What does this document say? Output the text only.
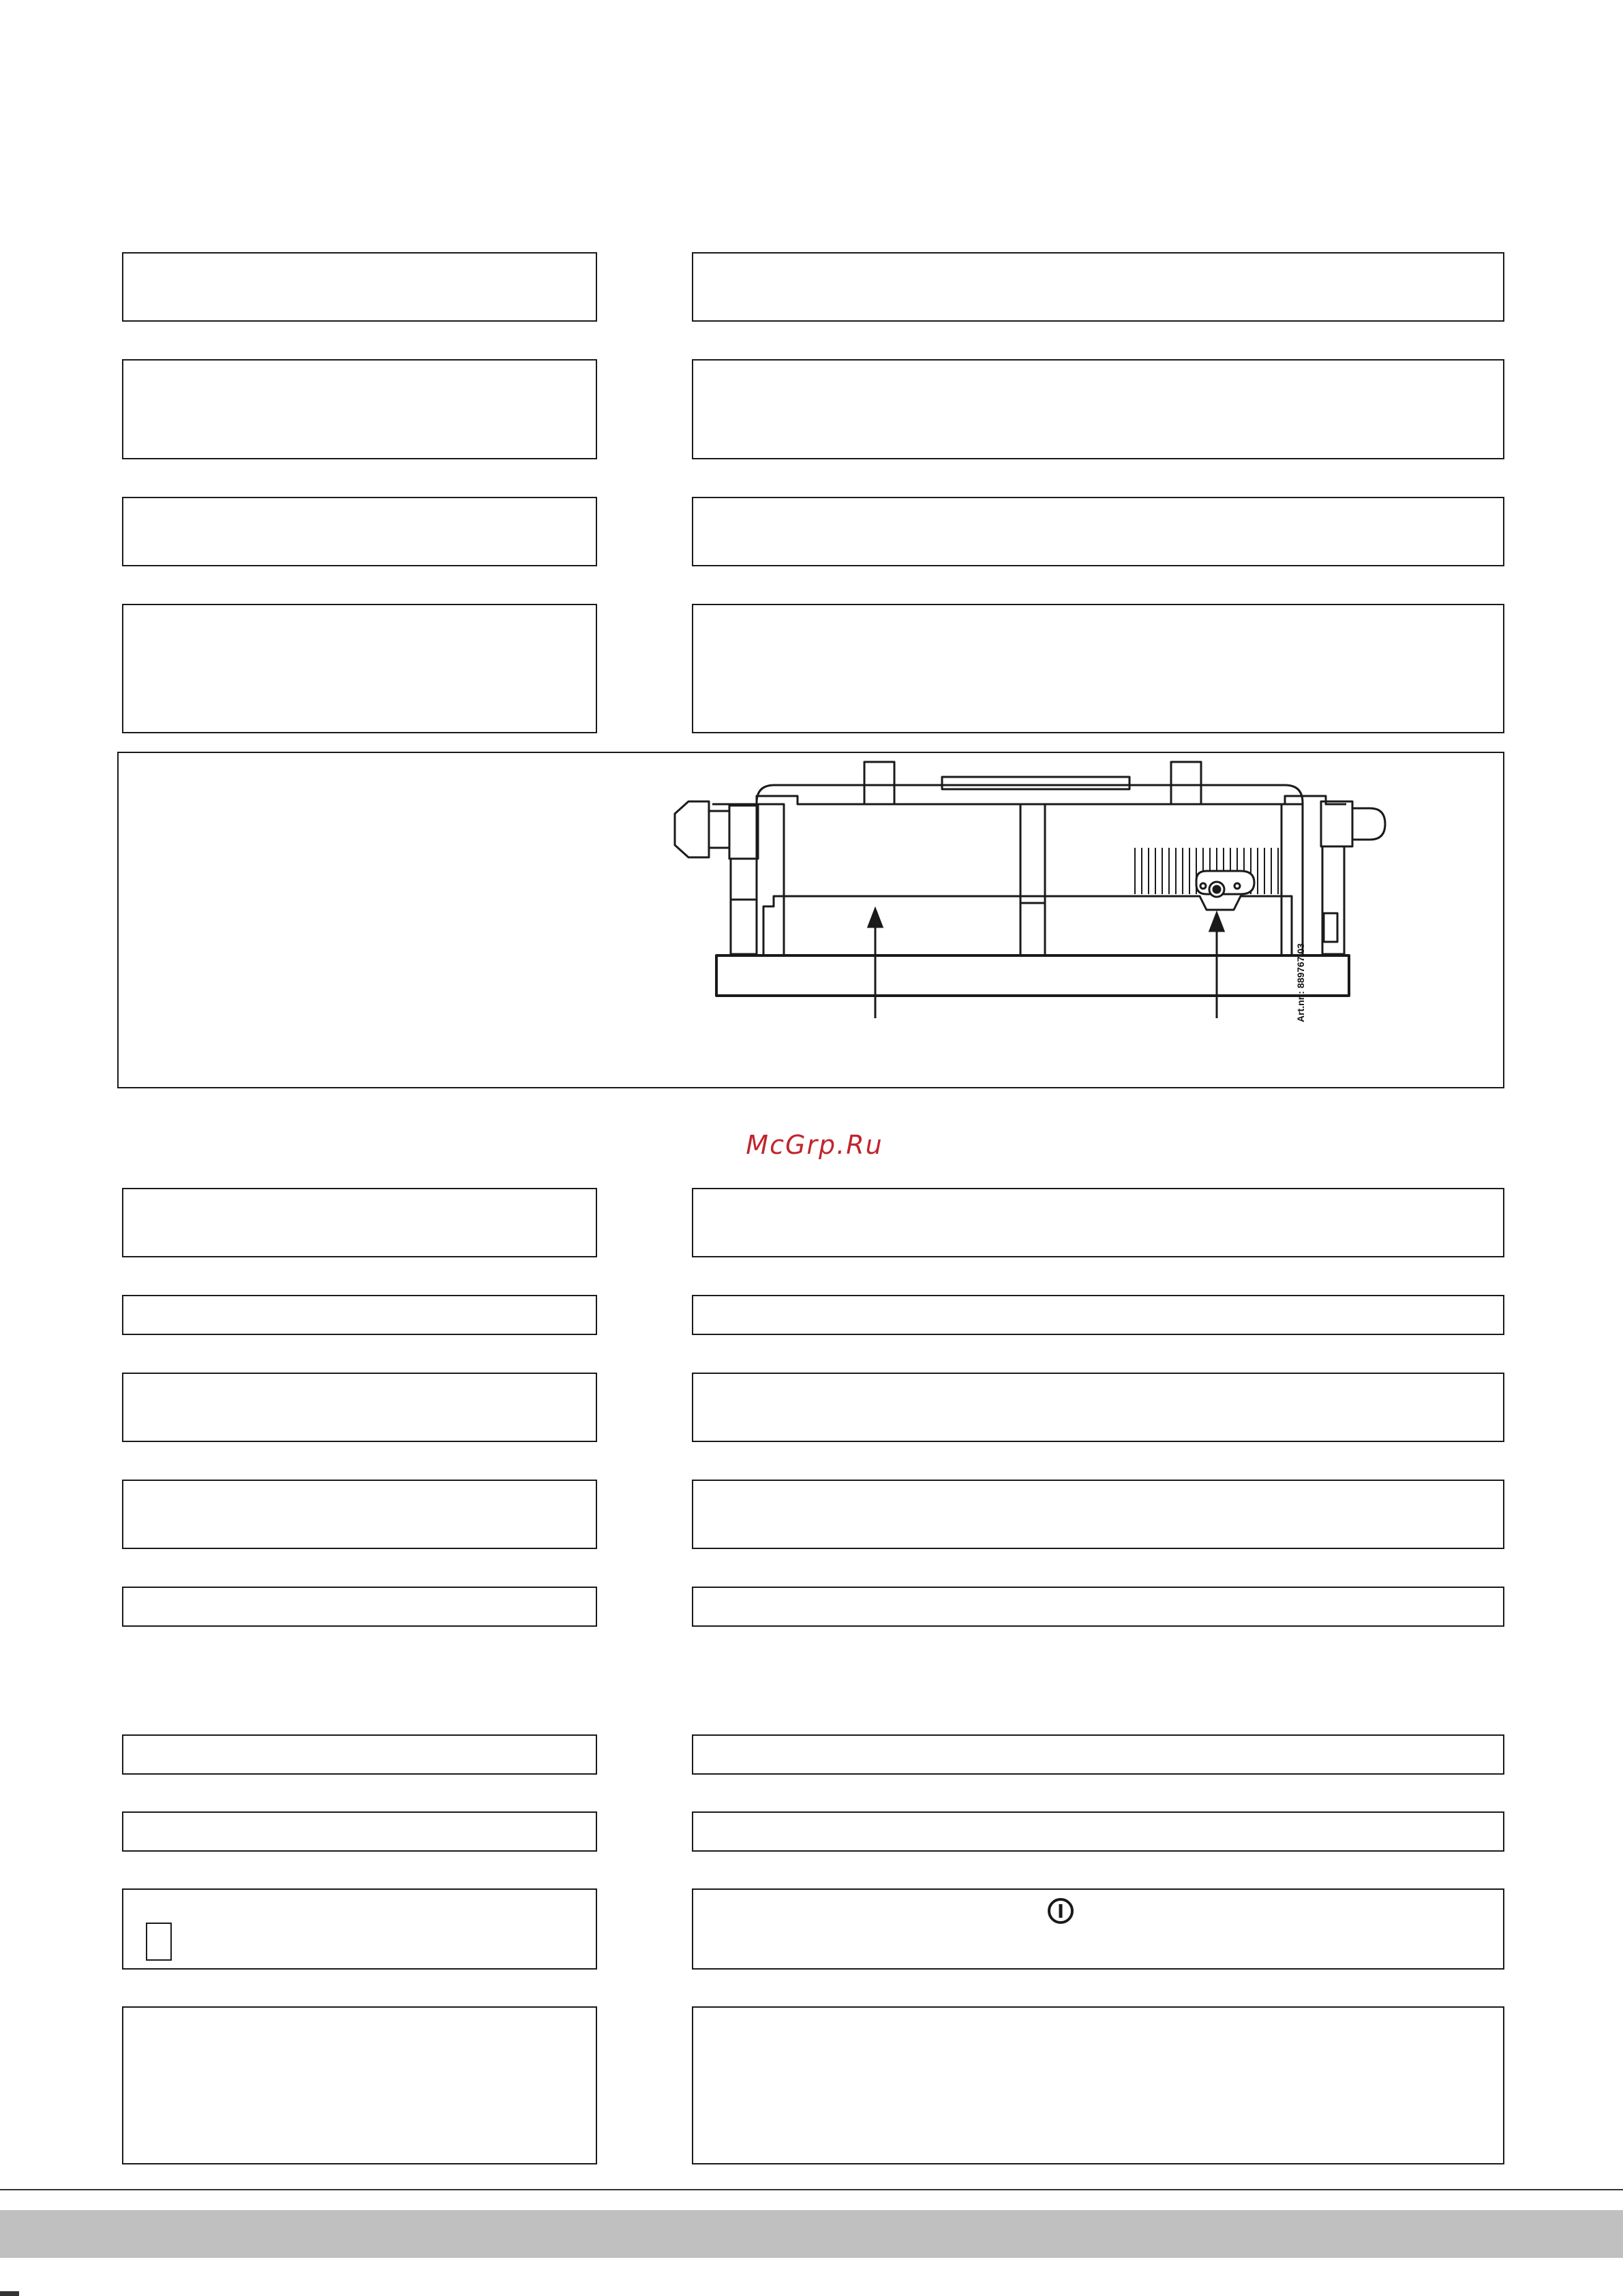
Art.nr.: 889767.03
McGrp.Ru
